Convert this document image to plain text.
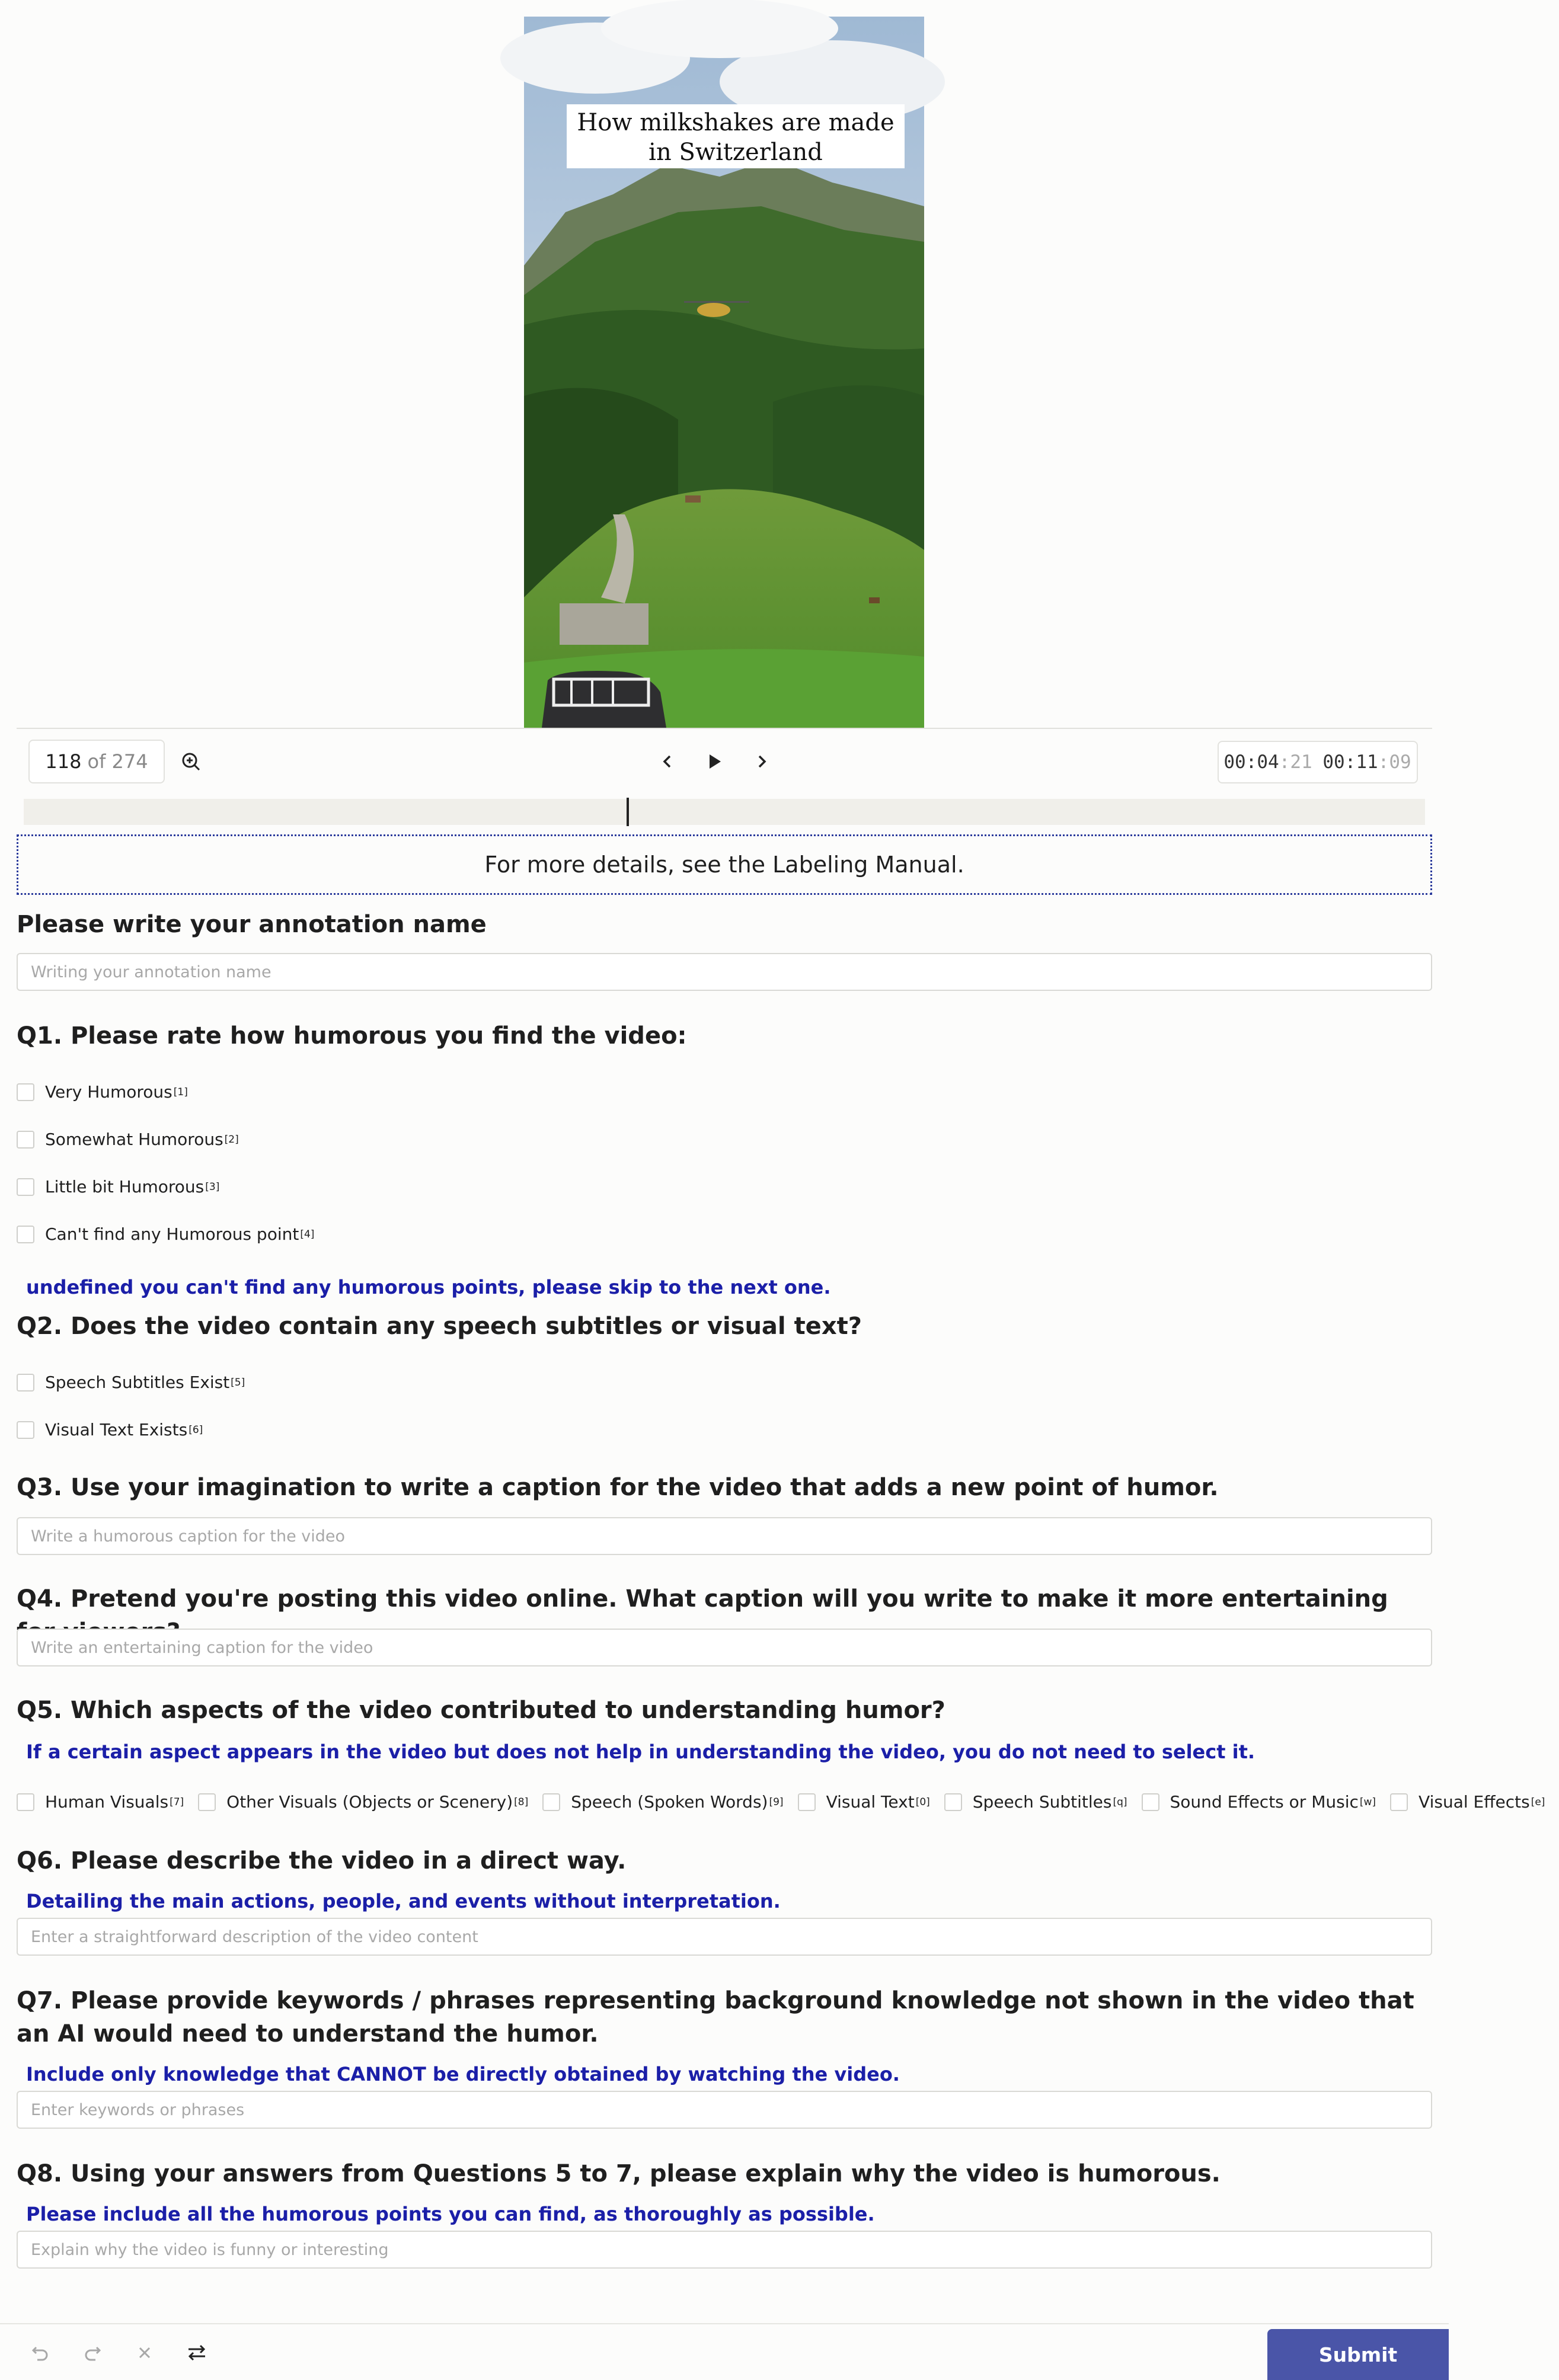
How milkshakes are made in Switzerland
118 of 274	00:04 :21 00:11 :09
For more details, see the Labeling Manual.
Please write your annotation name
Writing your annotation name
Q1. Please rate how humorous you find the video:
Very Humorous [1]
Somewhat Humorous [2]
Little bit Humorous [3]
Can't find any Humorous point [4]
undefined you can't find any humorous points, please skip to the next one.
Q2. Does the video contain any speech subtitles or visual text?
Speech Subtitles Exist [5]
Visual Text Exists [6]
Q3. Use your imagination to write a caption for the video that adds a new point of humor.
Write a humorous caption for the video
Q4. Pretend you're posting this video online. What caption will you write to make it more entertaining
Write an entertaining caption for the video
Q5. Which aspects of the video contributed to understanding humor?
If a certain aspect appears in the video but does not help in understanding the video, you do not need to select it.
Human Visuals [7]	Other Visuals (Objects or Scenery) [8]	Speech (Spoken Words) [9]	Visual Text [0]	Speech Subtitles [q]	Sound Effects or Music [w]	Visual Effects [e]
Q6. Please describe the video in a direct way.
Detailing the main actions, people, and events without interpretation.
Enter a straightforward description of the video content
Q7. Please provide keywords / phrases representing background knowledge not shown in the video that an AI would need to understand the humor.
Include only knowledge that CANNOT be directly obtained by watching the video.
Enter keywords or phrases
Q8. Using your answers from Questions 5 to 7, please explain why the video is humorous.
Please include all the humorous points you can find, as thoroughly as possible.
Explain why the video is funny or interesting
Submit
